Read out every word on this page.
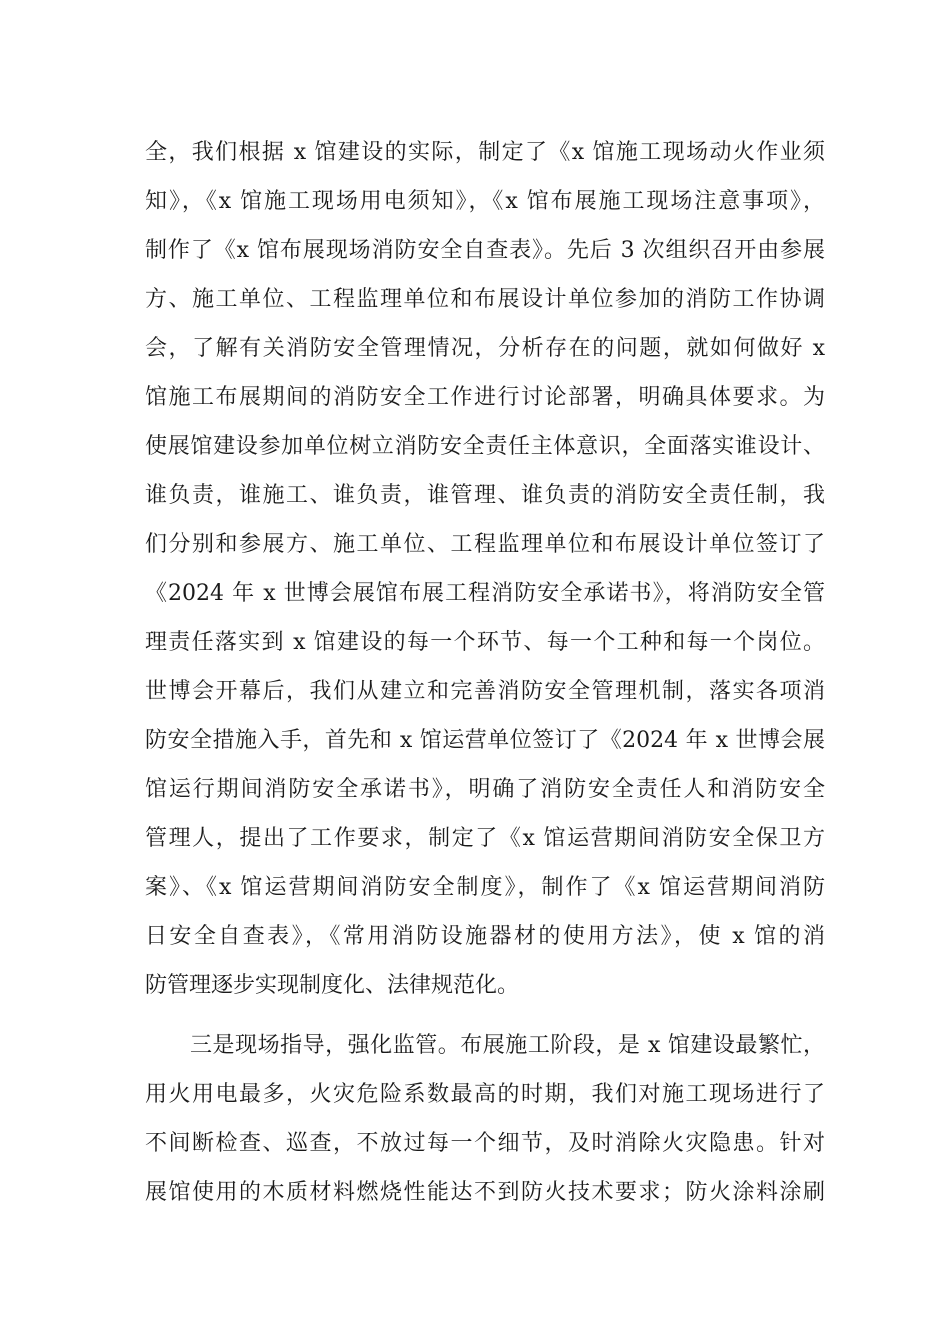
全，我们根据 x 馆建设的实际，制定了《x 馆施工现场动火作业须
知》，《x 馆施工现场用电须知》，《x 馆布展施工现场注意事项》，
制作了《x 馆布展现场消防安全自查表》。先后 3 次组织召开由参展
方、施工单位、工程监理单位和布展设计单位参加的消防工作协调
会，了解有关消防安全管理情况，分析存在的问题，就如何做好 x
馆施工布展期间的消防安全工作进行讨论部署，明确具体要求。为
使展馆建设参加单位树立消防安全责任主体意识，全面落实谁设计、
谁负责，谁施工、谁负责，谁管理、谁负责的消防安全责任制，我
们分别和参展方、施工单位、工程监理单位和布展设计单位签订了
《2024 年 x 世博会展馆布展工程消防安全承诺书》，将消防安全管
理责任落实到 x 馆建设的每一个环节、每一个工种和每一个岗位。
世博会开幕后，我们从建立和完善消防安全管理机制，落实各项消
防安全措施入手，首先和 x 馆运营单位签订了《2024 年 x 世博会展
馆运行期间消防安全承诺书》，明确了消防安全责任人和消防安全
管理人，提出了工作要求，制定了《x 馆运营期间消防安全保卫方
案》、《x 馆运营期间消防安全制度》，制作了《x 馆运营期间消防
日安全自查表》，《常用消防设施器材的使用方法》，使 x 馆的消
防管理逐步实现制度化、法律规范化。
三是现场指导，强化监管。布展施工阶段，是 x 馆建设最繁忙，
用火用电最多，火灾危险系数最高的时期，我们对施工现场进行了
不间断检查、巡查，不放过每一个细节，及时消除火灾隐患。针对
展馆使用的木质材料燃烧性能达不到防火技术要求；防火涂料涂刷
